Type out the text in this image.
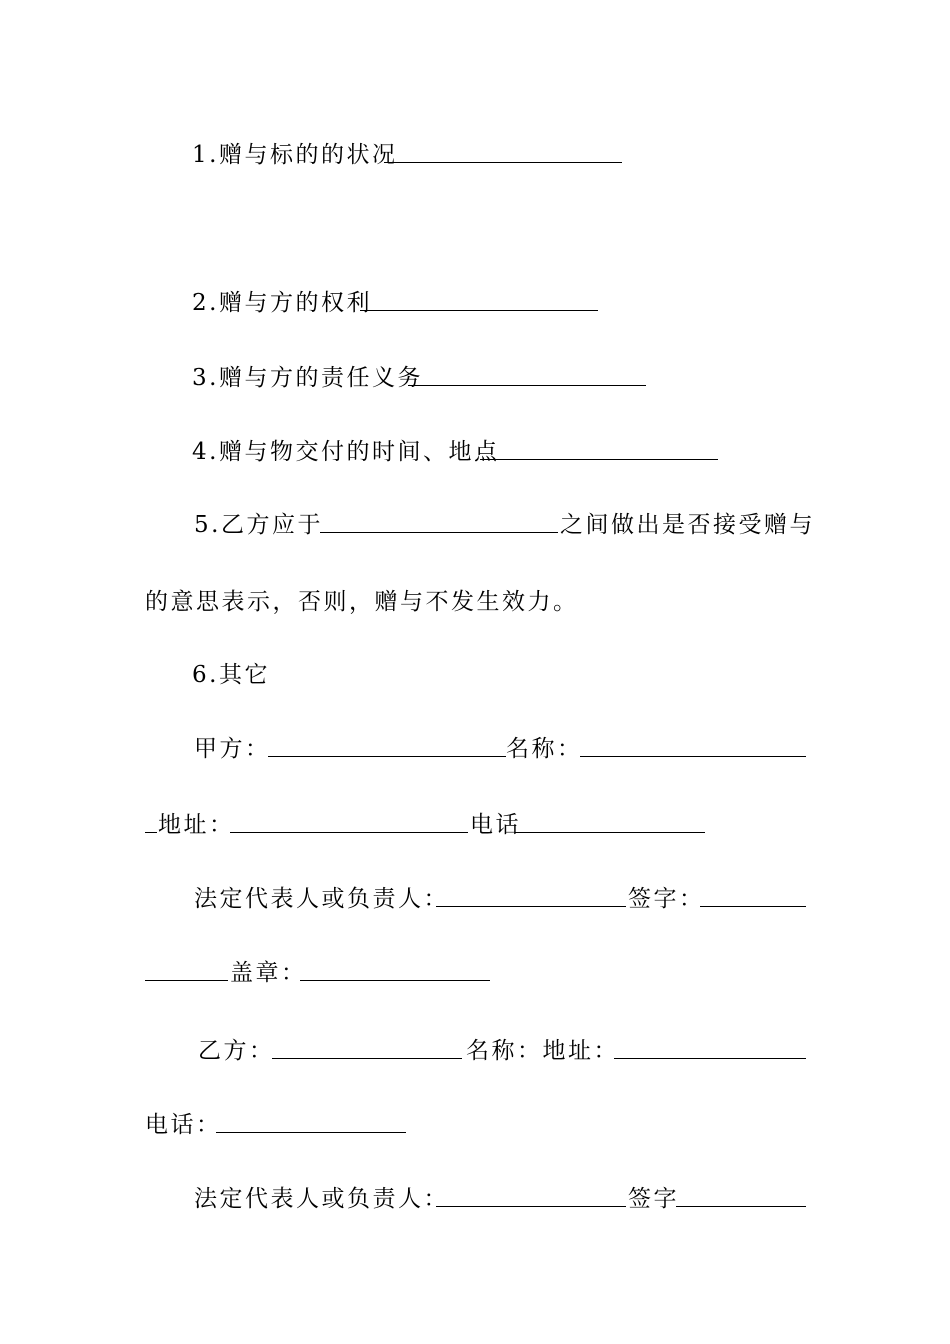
1.赠与标的的状况
2.赠与方的权利
3.赠与方的责任义务
4.赠与物交付的时间、地点
5.乙方应于	之间做出是否接受赠与
的意思表示，否则，赠与不发生效力。
6.其它
甲方：	名称：
地址：	电话
法定代表人或负责人：	签字：
盖章：
乙方：	名称：地址：
电话：
法定代表人或负责人：	签字
